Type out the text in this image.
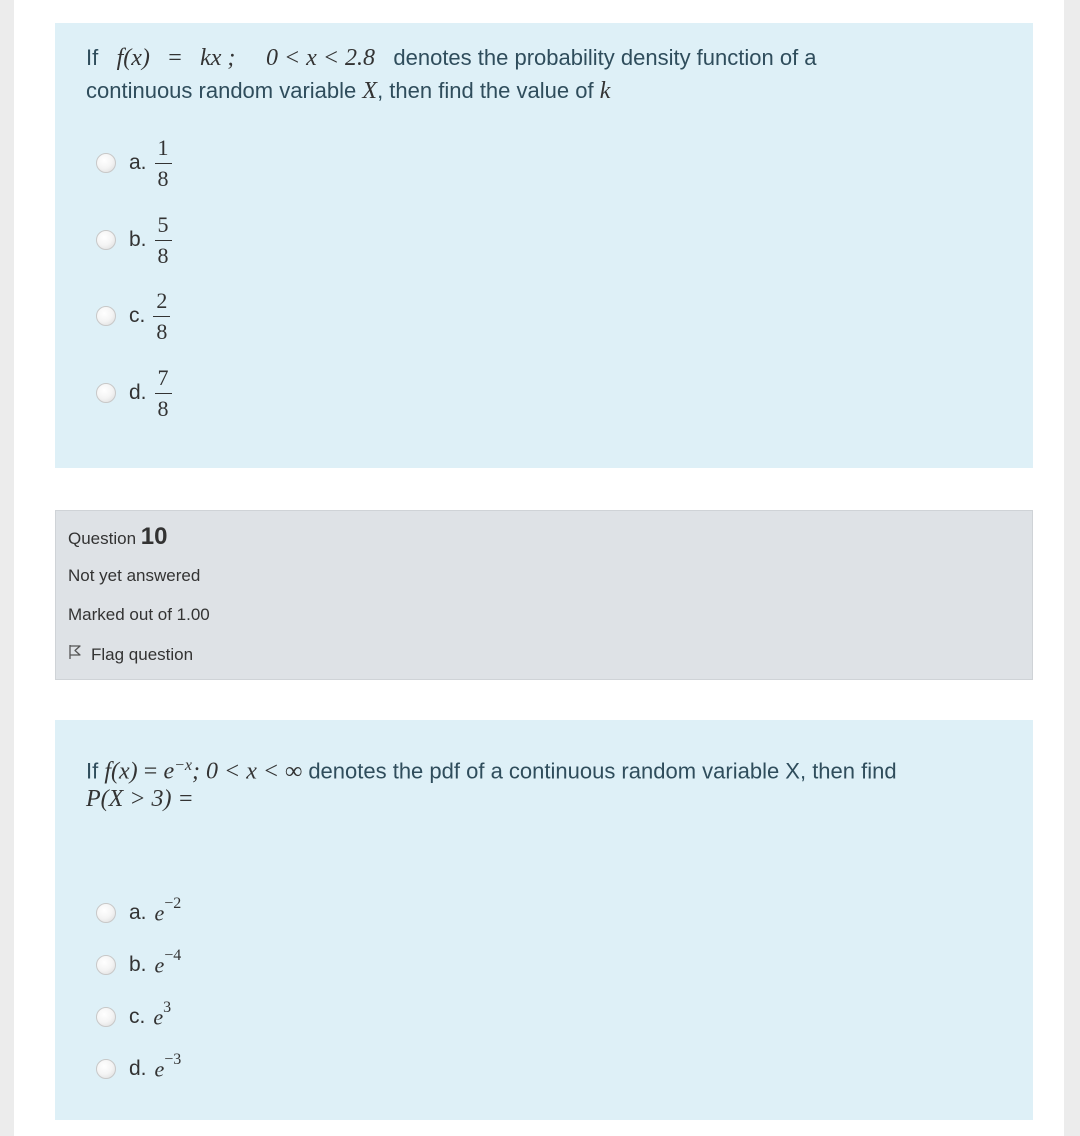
If f(x) = kx ; 0 < x < 2.8 denotes the probability density function of a
continuous random variable X, then find the value of k
a. $\frac{1}{8}$
b. $\frac{5}{8}$
c. $\frac{2}{8}$
d. $\frac{7}{8}$
Question 10
Not yet answered
Marked out of 1.00
Flag question
If $f(x) = e^{-x}$; 0 < x < ∞ denotes the pdf of a continuous random variable X, then find
P(X > 3) =
a. $e^{-2}$
b. $e^{-4}$
c. $e^3$
d. $e^{-3}$
